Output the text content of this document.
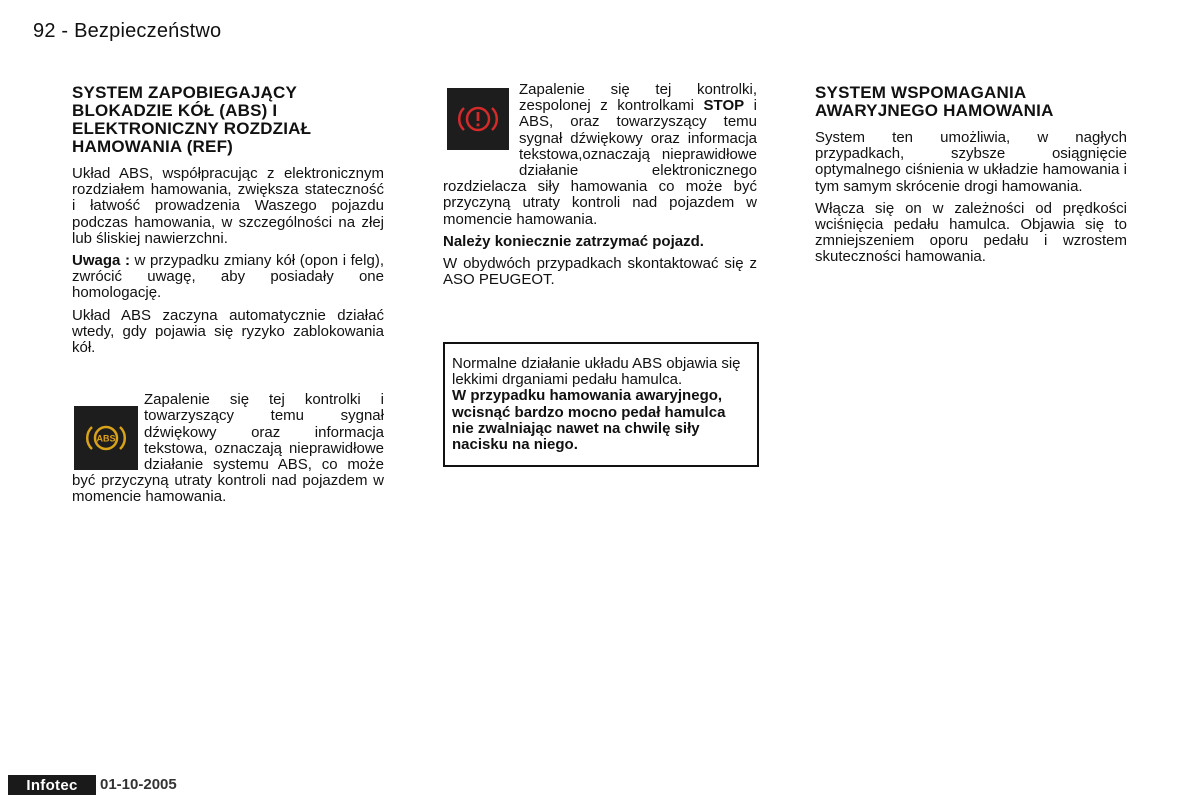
92 - Bezpieczeństwo
SYSTEM ZAPOBIEGAJĄCY BLOKADZIE KÓŁ (ABS) I ELEKTRONICZNY ROZDZIAŁ HAMOWANIA (REF)

Układ ABS, współpracując z elektronicznym rozdziałem hamowania, zwiększa stateczność i łatwość prowadzenia Waszego pojazdu podczas hamowania, w szczególności na złej lub śliskiej nawierzchni.

Uwaga : w przypadku zmiany kół (opon i felg), zwrócić uwagę, aby posiadały one homologację.

Układ ABS zaczyna automatycznie działać wtedy, gdy pojawia się ryzyko zablokowania kół.

ABS

Zapalenie się tej kontrolki i towarzyszący temu sygnał dźwiękowy oraz informacja tekstowa, oznaczają nieprawidłowe działanie systemu ABS, co może być przyczyną utraty kontroli nad pojazdem w momencie hamowania.

Zapalenie się tej kontrolki, zespolonej z kontrolkami STOP i ABS, oraz towarzyszący temu sygnał dźwiękowy oraz informacja tekstowa,oznaczają nieprawidłowe działanie elektronicznego rozdzielacza siły hamowania co może być przyczyną utraty kontroli nad pojazdem w momencie hamowania.

Należy koniecznie zatrzymać pojazd.

W obydwóch przypadkach skontaktować się z ASO PEUGEOT.

Normalne działanie układu ABS objawia się lekkimi drganiami pedału hamulca.
W przypadku hamowania awaryjnego, wcisnąć bardzo mocno pedał hamulca nie zwalniając nawet na chwilę siły nacisku na niego.
SYSTEM WSPOMAGANIA AWARYJNEGO HAMOWANIA

System ten umożliwia, w nagłych przypadkach, szybsze osiągnięcie optymalnego ciśnienia w układzie hamowania i tym samym skrócenie drogi hamowania.

Włącza się on w zależności od prędkości wciśnięcia pedału hamulca. Objawia się to zmniejszeniem oporu pedału i wzrostem skuteczności hamowania.

Infotec	01-10-2005
